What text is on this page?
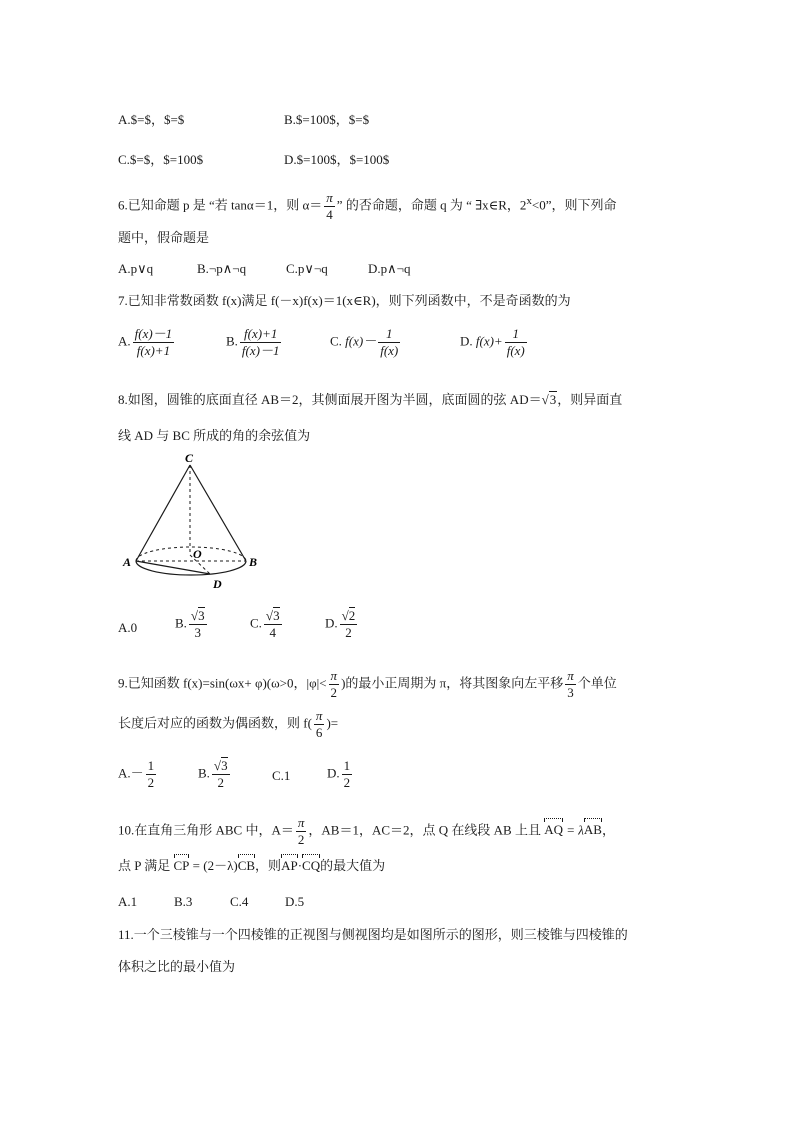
A.$=$，$=$	B.$=100$，$=$
C.$=$，$=100$	D.$=100$，$=100$
6.已知命题 p 是 “若 tanα＝1，则 $\alpha= \frac{\pi}{4}$ ” 的否命题，命题 q 为 “ ∃x∈R，$2^x<0$”，则下列命
题中，假命题是
A.p∨q	B.¬p∧¬q	C.p∨¬q	D.p∧¬q
7.已知非常数函数 f(x)满足 f(－x)f(x)＝1(x∈R)，则下列函数中，不是奇函数的为
A. $\frac{f(x)-1}{f(x)+1}$	B. $\frac{f(x)+1}{f(x)-1}$	C. $f(x)- \frac{1}{f(x)}$	D. $f(x)+ \frac{1}{f(x)}$
8.如图，圆锥的底面直径 AB＝2，其侧面展开图为半圆，底面圆的弦 AD＝√3，则异面直
线 AD 与 BC 所成的角的余弦值为
C
O
A	B
D
A.0	B. $\frac{√3}{3}$	C. $\frac{√3}{4}$	D. $\frac{√2}{2}$
9.已知函数 f(x)=sin(ωx+ φ)(ω>0，$|\varphi|< \frac{\pi}{2}$ )的最小正周期为 π，将其图象向左平移 $\frac{\pi}{3}$ 个单位
长度后对应的函数为偶函数，则 $f( \frac{\pi}{6}$ )=
$A.- \frac{1}{2}$	B. $\frac{√3}{2}$	C.1	D. $\frac{1}{2}$
10.在直角三角形 ABC 中，$A= \frac{\pi}{2}$ ，AB＝1，AC＝2，点 Q 在线段 AB 上且 AQ = λAB，
点 P 满足 CP = (2－λ)CB，则AP·CQ的最大值为
A.1	B.3	C.4	D.5
11.一个三棱锥与一个四棱锥的正视图与侧视图均是如图所示的图形，则三棱锥与四棱锥的
体积之比的最小值为
